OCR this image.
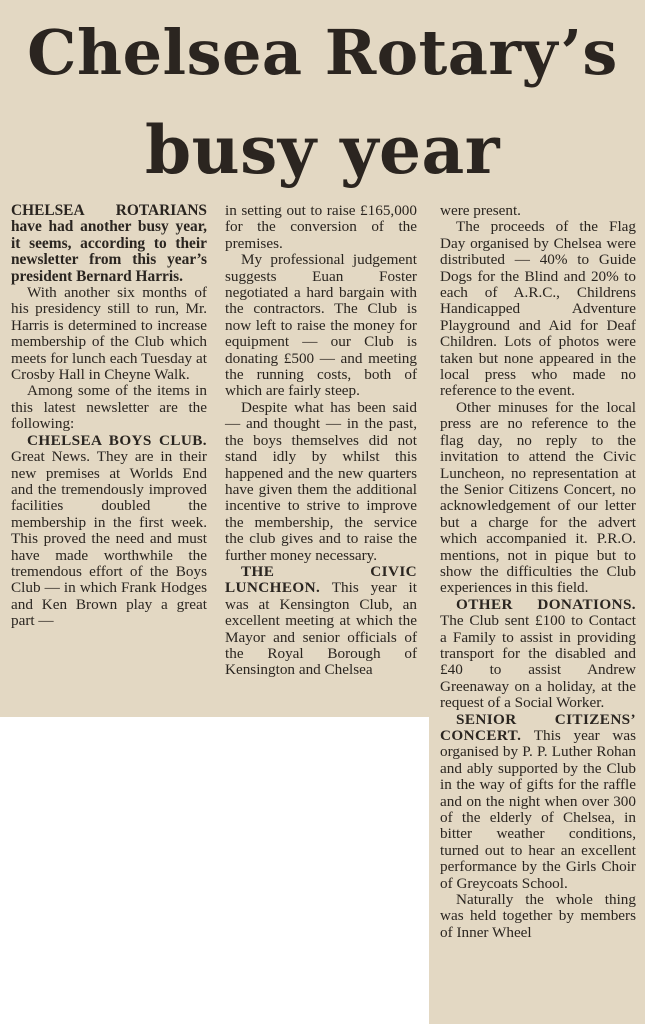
Chelsea Rotary’s
busy year

CHELSEA ROTARIANS have had another busy year, it seems, according to their newsletter from this year’s president Bernard Harris.

With another six months of his presidency still to run, Mr. Harris is determined to increase membership of the Club which meets for lunch each Tuesday at Crosby Hall in Cheyne Walk.

Among some of the items in this latest newsletter are the following:

CHELSEA BOYS CLUB. Great News. They are in their new premises at Worlds End and the tremendously improved facilities doubled the membership in the first week. This proved the need and must have made worthwhile the tremendous effort of the Boys Club — in which Frank Hodges and Ken Brown play a great part —

in setting out to raise £165,000 for the conversion of the premises.

My professional judgement suggests Euan Foster negotiated a hard bargain with the contractors. The Club is now left to raise the money for equipment — our Club is donating £500 — and meeting the running costs, both of which are fairly steep.

Despite what has been said — and thought — in the past, the boys themselves did not stand idly by whilst this happened and the new quarters have given them the additional incentive to strive to improve the membership, the service the club gives and to raise the further money necessary.

THE CIVIC LUNCHEON. This year it was at Kensington Club, an excellent meeting at which the Mayor and senior officials of the Royal Borough of Kensington and Chelsea

were present.

The proceeds of the Flag Day organised by Chelsea were distributed — 40% to Guide Dogs for the Blind and 20% to each of A.R.C., Childrens Handicapped Adventure Playground and Aid for Deaf Children. Lots of photos were taken but none appeared in the local press who made no reference to the event.

Other minuses for the local press are no reference to the flag day, no reply to the invitation to attend the Civic Luncheon, no representation at the Senior Citizens Concert, no acknowledgement of our letter but a charge for the advert which accompanied it. P.R.O. mentions, not in pique but to show the difficulties the Club experiences in this field.

OTHER DONATIONS. The Club sent £100 to Contact a Family to assist in providing transport for the disabled and £40 to assist Andrew Greenaway on a holiday, at the request of a Social Worker.

SENIOR CITIZENS’ CONCERT. This year was organised by P. P. Luther Rohan and ably supported by the Club in the way of gifts for the raffle and on the night when over 300 of the elderly of Chelsea, in bitter weather conditions, turned out to hear an excellent performance by the Girls Choir of Greycoats School.

Naturally the whole thing was held together by members of Inner Wheel
